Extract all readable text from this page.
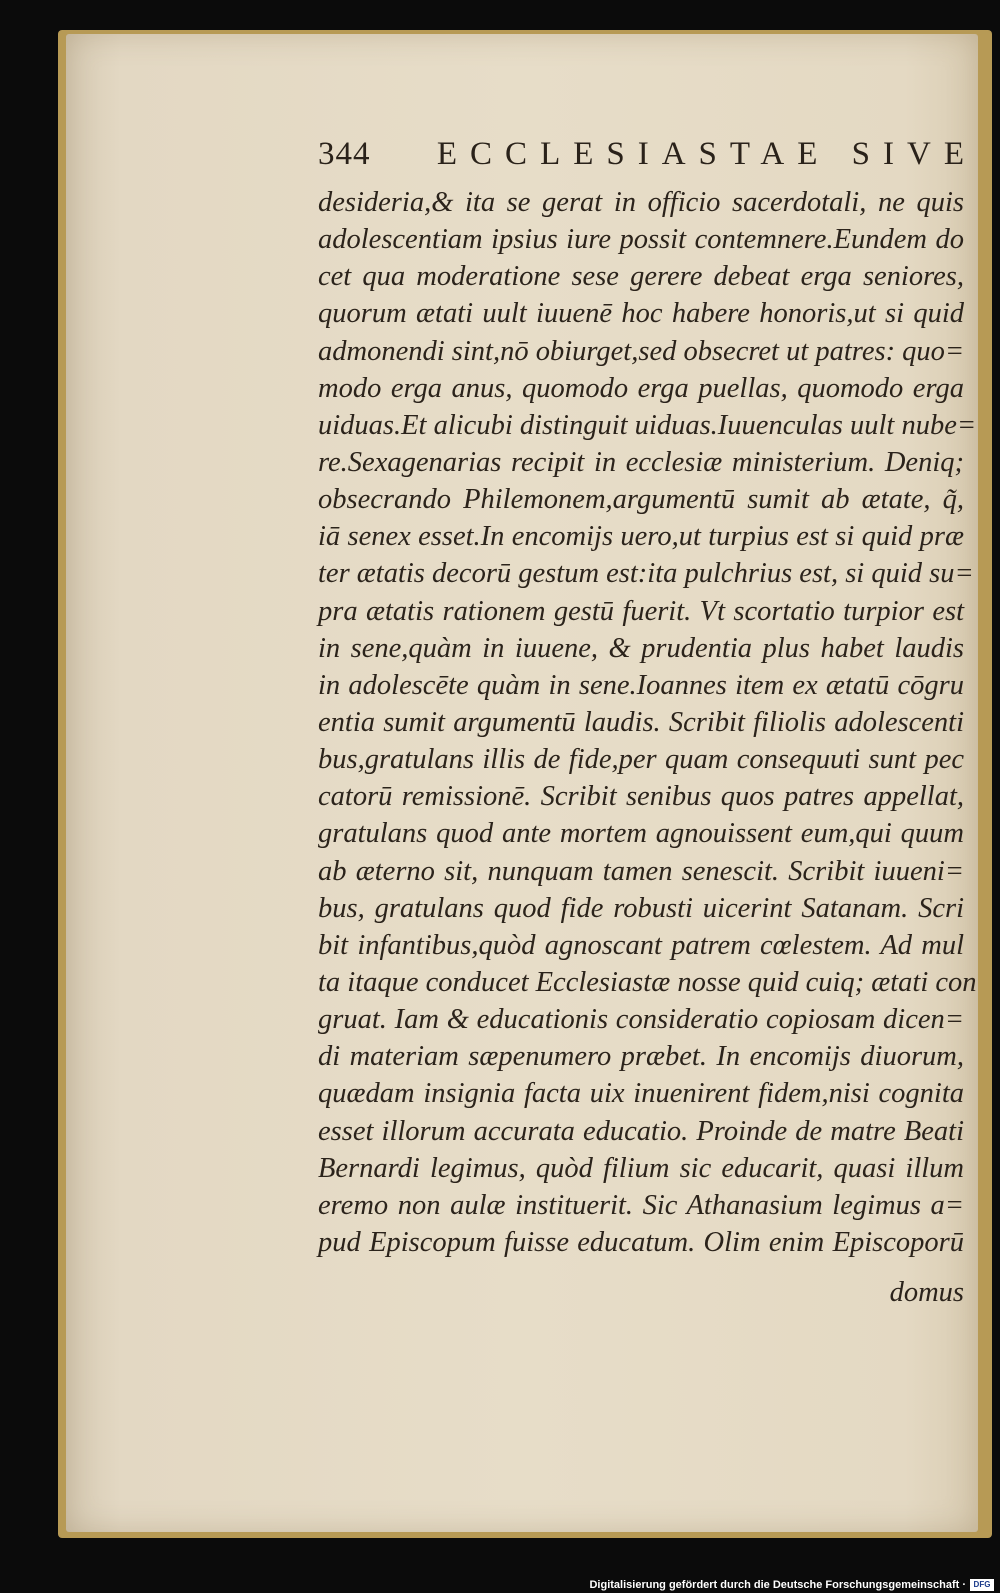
344 ECCLESIASTAE SIVE
desideria,& ita se gerat in officio sacerdotali, ne quis
adolescentiam ipsius iure possit contemnere.Eundem do
cet qua moderatione sese gerere debeat erga seniores,
quorum ætati uult iuuenē hoc habere honoris,ut si quid
admonendi sint,nō obiurget,sed obsecret ut patres: quo=
modo erga anus, quomodo erga puellas, quomodo erga
uiduas.Et alicubi distinguit uiduas.Iuuenculas uult nube=
re.Sexagenarias recipit in ecclesiæ ministerium. Deniq;
obsecrando Philemonem,argumentū sumit ab ætate, q̃,
iā senex esset.In encomijs uero,ut turpius est si quid præ
ter ætatis decorū gestum est:ita pulchrius est, si quid su=
pra ætatis rationem gestū fuerit. Vt scortatio turpior est
in sene,quàm in iuuene, & prudentia plus habet laudis
in adolescēte quàm in sene.Ioannes item ex ætatū cōgru
entia sumit argumentū laudis. Scribit filiolis adolescenti
bus,gratulans illis de fide,per quam consequuti sunt pec
catorū remissionē. Scribit senibus quos patres appellat,
gratulans quod ante mortem agnouissent eum,qui quum
ab æterno sit, nunquam tamen senescit. Scribit iuueni=
bus, gratulans quod fide robusti uicerint Satanam. Scri
bit infantibus,quòd agnoscant patrem cœlestem. Ad mul
ta itaque conducet Ecclesiastæ nosse quid cuiq; ætati con
gruat. Iam & educationis consideratio copiosam dicen=
di materiam sæpenumero præbet. In encomijs diuorum,
quædam insignia facta uix inuenirent fidem,nisi cognita
esset illorum accurata educatio. Proinde de matre Beati
Bernardi legimus, quòd filium sic educarit, quasi illum
eremo non aulæ instituerit. Sic Athanasium legimus a=
pud Episcopum fuisse educatum. Olim enim Episcoporū
domus
Digitalisierung gefördert durch die Deutsche Forschungsgemeinschaft · DFG
